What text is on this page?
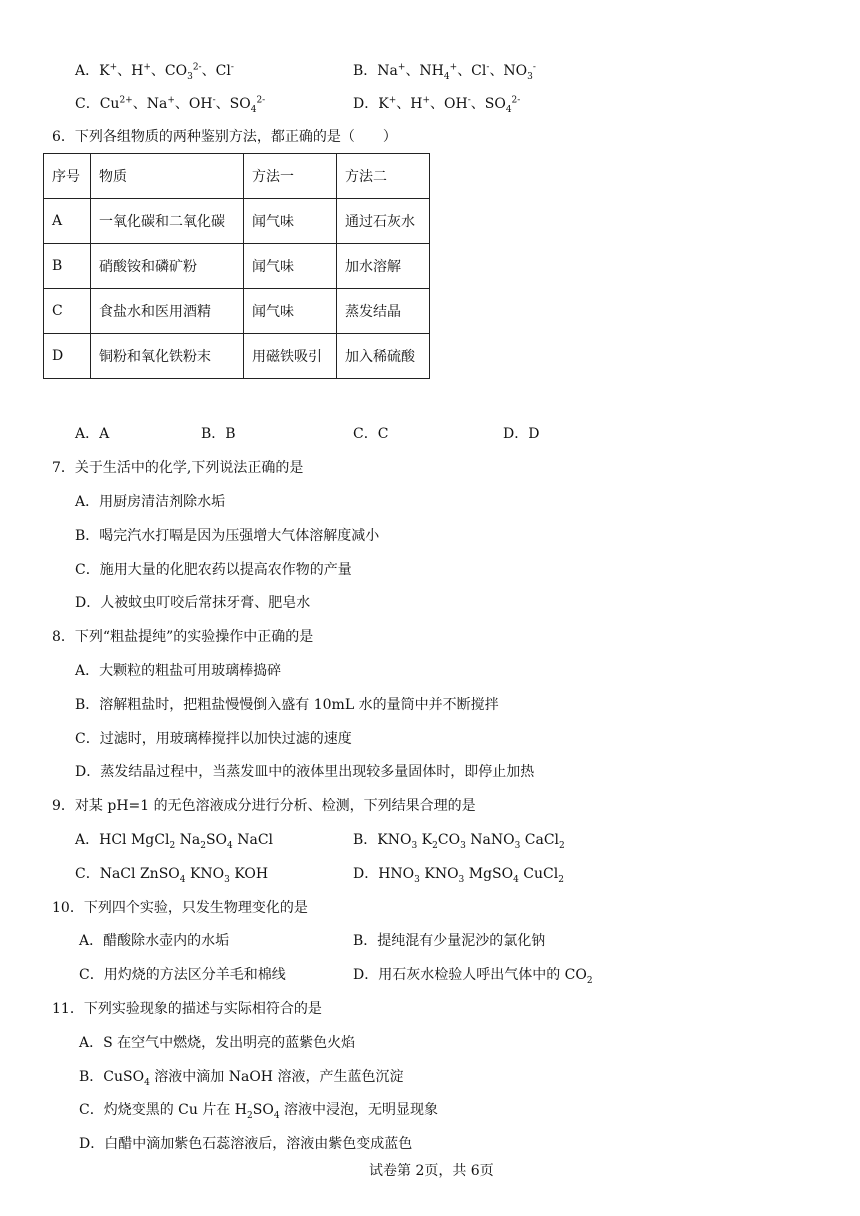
A．K+、H+、$CO_3^{2-}$、Cl-	B．Na+、$NH_4^+$、Cl-、$NO_3^-$
C．$Cu^{2+}$、Na+、OH-、$SO_4^{2-}$	D．K+、H+、OH-、$SO_4^{2-}$
6．下列各组物质的两种鉴别方法，都正确的是（　　）
序号	物质	方法一	方法二
A	一氧化碳和二氧化碳	闻气味	通过石灰水
B	硝酸铵和磷矿粉	闻气味	加水溶解
C	食盐水和医用酒精	闻气味	蒸发结晶
D	铜粉和氧化铁粉末	用磁铁吸引	加入稀硫酸
A．A	B．B	C．C	D．D
7．关于生活中的化学,下列说法正确的是
A．用厨房清洁剂除水垢
B．喝完汽水打嗝是因为压强增大气体溶解度减小
C．施用大量的化肥农药以提高农作物的产量
D．人被蚊虫叮咬后常抹牙膏、肥皂水
8．下列“粗盐提纯”的实验操作中正确的是
A．大颗粒的粗盐可用玻璃棒捣碎
B．溶解粗盐时，把粗盐慢慢倒入盛有 10mL 水的量筒中并不断搅拌
C．过滤时，用玻璃棒搅拌以加快过滤的速度
D．蒸发结晶过程中，当蒸发皿中的液体里出现较多量固体时，即停止加热
9．对某 pH=1 的无色溶液成分进行分析、检测，下列结果合理的是
A．HCl MgCl$_2$ $Na_2SO_4$ NaCl	B．$KNO_3$ $K_2CO_3$ NaNO$_3$ CaCl$_2$
C．NaCl ZnSO$_4$ $KNO_3$ KOH	D．$HNO_3$ $KNO_3$ MgSO$_4$ CuCl$_2$
10．下列四个实验，只发生物理变化的是
A．醋酸除水壶内的水垢	B．提纯混有少量泥沙的氯化钠
C．用灼烧的方法区分羊毛和棉线	D．用石灰水检验人呼出气体中的 $CO_2$
11．下列实验现象的描述与实际相符合的是
A．S 在空气中燃烧，发出明亮的蓝紫色火焰
B．CuSO$_4$ 溶液中滴加 NaOH 溶液，产生蓝色沉淀
C．灼烧变黑的 Cu 片在 $H_2SO_4$ 溶液中浸泡，无明显现象
D．白醋中滴加紫色石蕊溶液后，溶液由紫色变成蓝色
试卷第 2页，共 6页
